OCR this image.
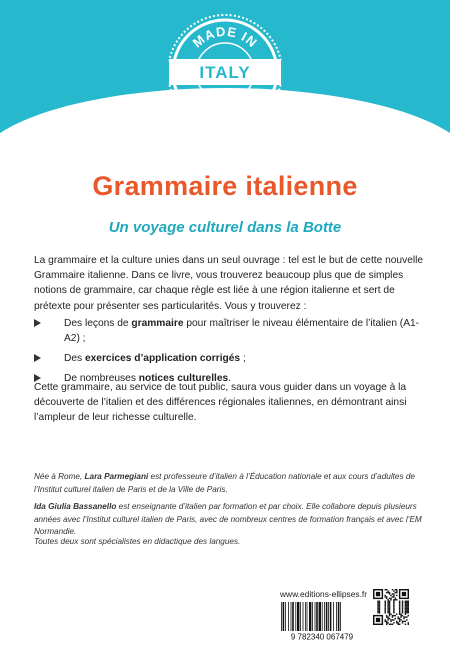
MADE IN
MADE IN
ITALY
Grammaire italienne
Un voyage culturel dans la Botte
La grammaire et la culture unies dans un seul ouvrage : tel est le but de cette nouvelle Grammaire italienne. Dans ce livre, vous trouverez beaucoup plus que de simples notions de grammaire, car chaque règle est liée à une région italienne et sert de prétexte pour présenter ses particularités. Vous y trouverez :
Des leçons de grammaire pour maîtriser le niveau élémentaire de l’italien (A1-A2) ;
Des exercices d’application corrigés ;
De nombreuses notices culturelles.
Cette grammaire, au service de tout public, saura vous guider dans un voyage à la découverte de l’italien et des différences régionales italiennes, en démontrant ainsi l’ampleur de leur richesse culturelle.
Née à Rome, Lara Parmegiani est professeure d’italien à l’Éducation nationale et aux cours d’adultes de l’Institut culturel italien de Paris et de la Ville de Paris.
Ida Giulia Bassanello est enseignante d’italien par formation et par choix. Elle collabore depuis plusieurs années avec l’Institut culturel italien de Paris, avec de nombreux centres de formation français et avec l’EM Normandie.
Toutes deux sont spécialistes en didactique des langues.
www.editions-ellipses.fr
9 782340 067479
